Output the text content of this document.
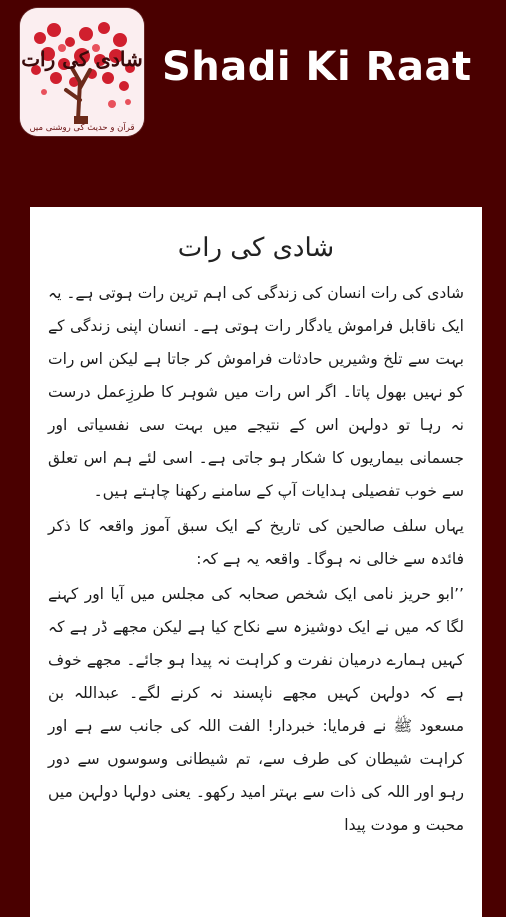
شادی کی رات
قرآن و حدیث کی روشنی میں
Shadi Ki Raat
شادی کی رات

شادی کی رات انسان کی زندگی کی اہم ترین رات ہوتی ہے۔ یہ ایک ناقابل فراموش یادگار رات ہوتی ہے۔ انسان اپنی زندگی کے بہت سے تلخ وشیریں حادثات فراموش کر جاتا ہے لیکن اس رات کو نہیں بھول پاتا۔ اگر اس رات میں شوہر کا طرزِعمل درست نہ رہا تو دولہن اس کے نتیجے میں بہت سی نفسیاتی اور جسمانی بیماریوں کا شکار ہو جاتی ہے۔ اسی لئے ہم اس تعلق سے خوب تفصیلی ہدایات آپ کے سامنے رکھنا چاہتے ہیں۔

یہاں سلف صالحین کی تاریخ کے ایک سبق آموز واقعہ کا ذکر فائدہ سے خالی نہ ہوگا۔ واقعہ یہ ہے کہ:

’’ابو حریز نامی ایک شخص صحابہ کی مجلس میں آیا اور کہنے لگا کہ میں نے ایک دوشیزہ سے نکاح کیا ہے لیکن مجھے ڈر ہے کہ کہیں ہمارے درمیان نفرت و کراہت نہ پیدا ہو جائے۔ مجھے خوف ہے کہ دولہن کہیں مجھے ناپسند نہ کرنے لگے۔ عبداللہ بن مسعود ﷺ نے فرمایا: خبردار! الفت اللہ کی جانب سے ہے اور کراہت شیطان کی طرف سے، تم شیطانی وسوسوں سے دور رہو اور اللہ کی ذات سے بہتر امید رکھو۔ یعنی دولہا دولہن میں محبت و مودت پیدا
